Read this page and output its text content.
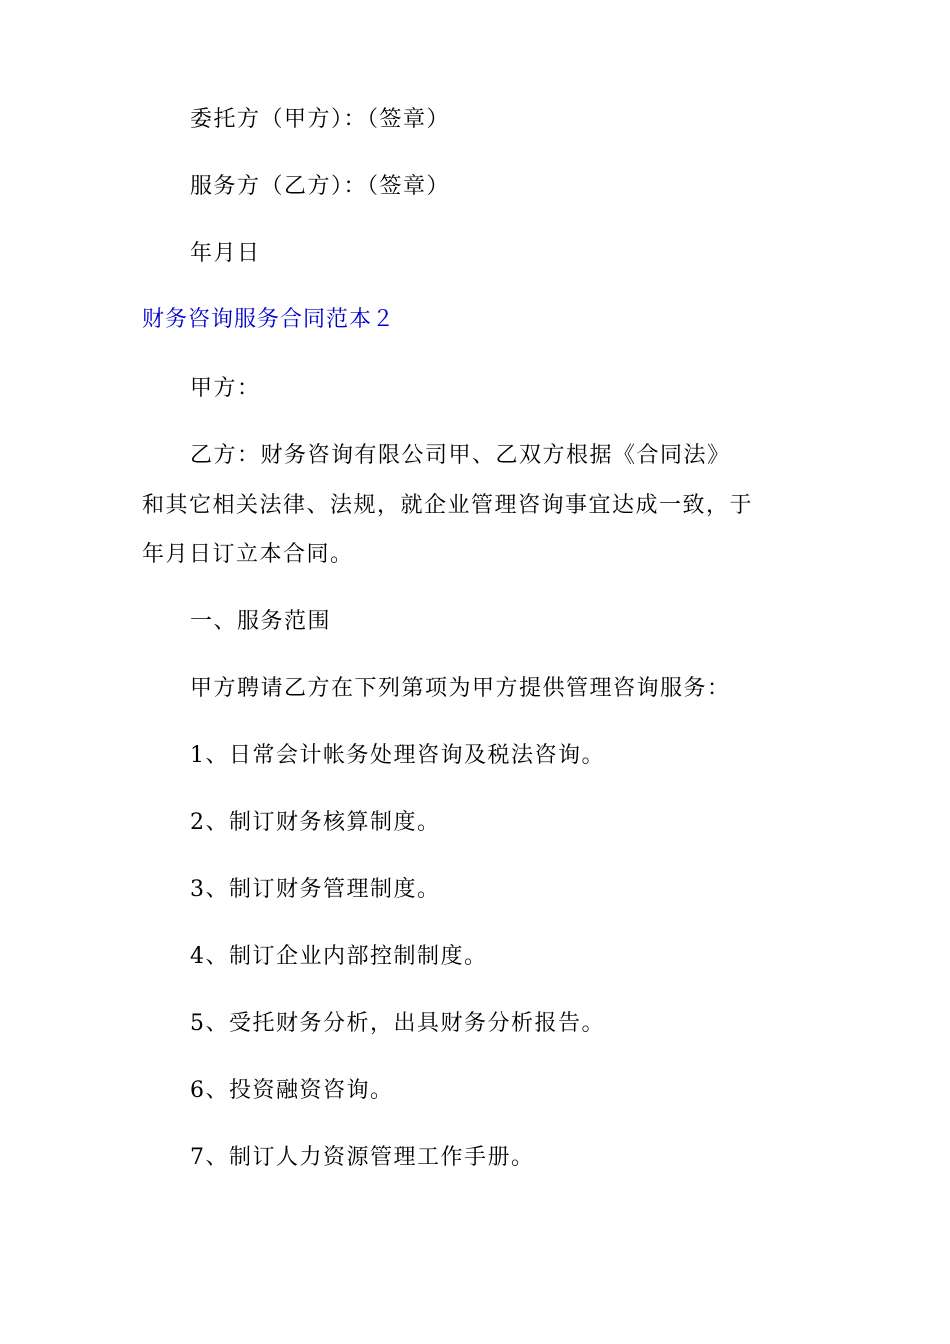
委托方（甲方）：（签章）
服务方（乙方）：（签章）
年月日
财务咨询服务合同范本２
甲方：
乙方：财务咨询有限公司甲、乙双方根据《合同法》
和其它相关法律、法规，就企业管理咨询事宜达成一致，于
年月日订立本合同。
一、服务范围
甲方聘请乙方在下列第项为甲方提供管理咨询服务：
1、日常会计帐务处理咨询及税法咨询。
2、制订财务核算制度。
3、制订财务管理制度。
4、制订企业内部控制制度。
5、受托财务分析，出具财务分析报告。
6、投资融资咨询。
7、制订人力资源管理工作手册。
